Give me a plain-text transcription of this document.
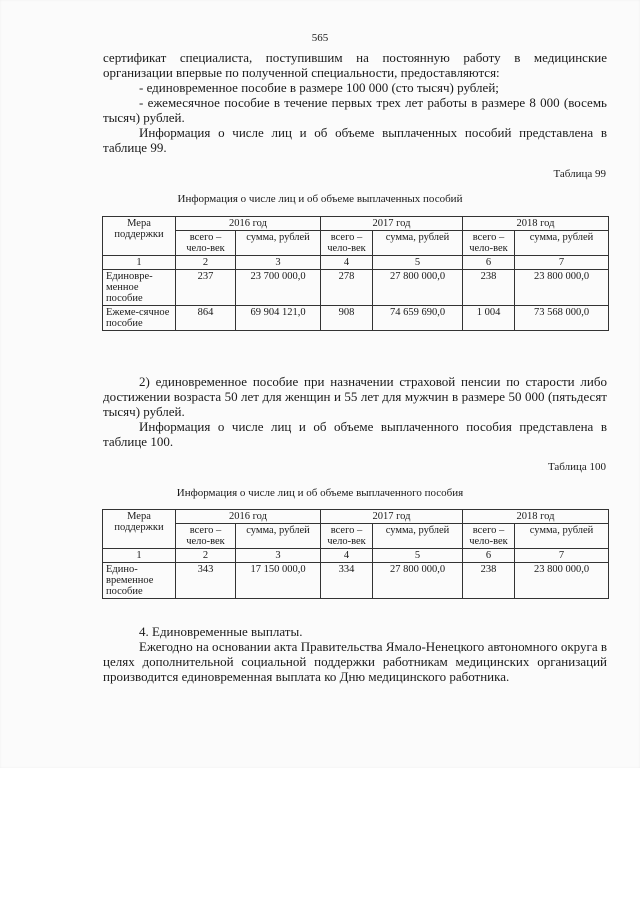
565

сертификат специалиста, поступившим на постоянную работу в медицинские организации впервые по полученной специальности, предоставляются:

- единовременное пособие в размере 100 000 (сто тысяч) рублей;

- ежемесячное пособие в течение первых трех лет работы в размере 8 000 (восемь тысяч) рублей.

Информация о числе лиц и об объеме выплаченных пособий представлена в таблице 99.

Таблица 99
Информация о числе лиц и об объеме выплаченных пособий
Мера поддержки	2016 год		2017 год		2018 год	
	всего – чело-век	сумма, рублей	всего – чело-век	сумма, рублей	всего – чело-век	сумма, рублей
1	2	3	4	5	6	7
Единовре-менное пособие	237	23 700 000,0	278	27 800 000,0	238	23 800 000,0
Ежеме-сячное пособие	864	69 904 121,0	908	74 659 690,0	1 004	73 568 000,0

2) единовременное пособие при назначении страховой пенсии по старости либо достижении возраста 50 лет для женщин и 55 лет для мужчин в размере 50 000 (пятьдесят тысяч) рублей.

Информация о числе лиц и об объеме выплаченного пособия представлена в таблице 100.

Таблица 100
Информация о числе лиц и об объеме выплаченного пособия
Мера поддержки	2016 год		2017 год		2018 год	
	всего – чело-век	сумма, рублей	всего – чело-век	сумма, рублей	всего – чело-век	сумма, рублей
1	2	3	4	5	6	7
Едино-временное пособие	343	17 150 000,0	334	27 800 000,0	238	23 800 000,0

4. Единовременные выплаты.

Ежегодно на основании акта Правительства Ямало-Ненецкого автономного округа в целях дополнительной социальной поддержки работникам медицинских организаций производится единовременная выплата ко Дню медицинского работника.
